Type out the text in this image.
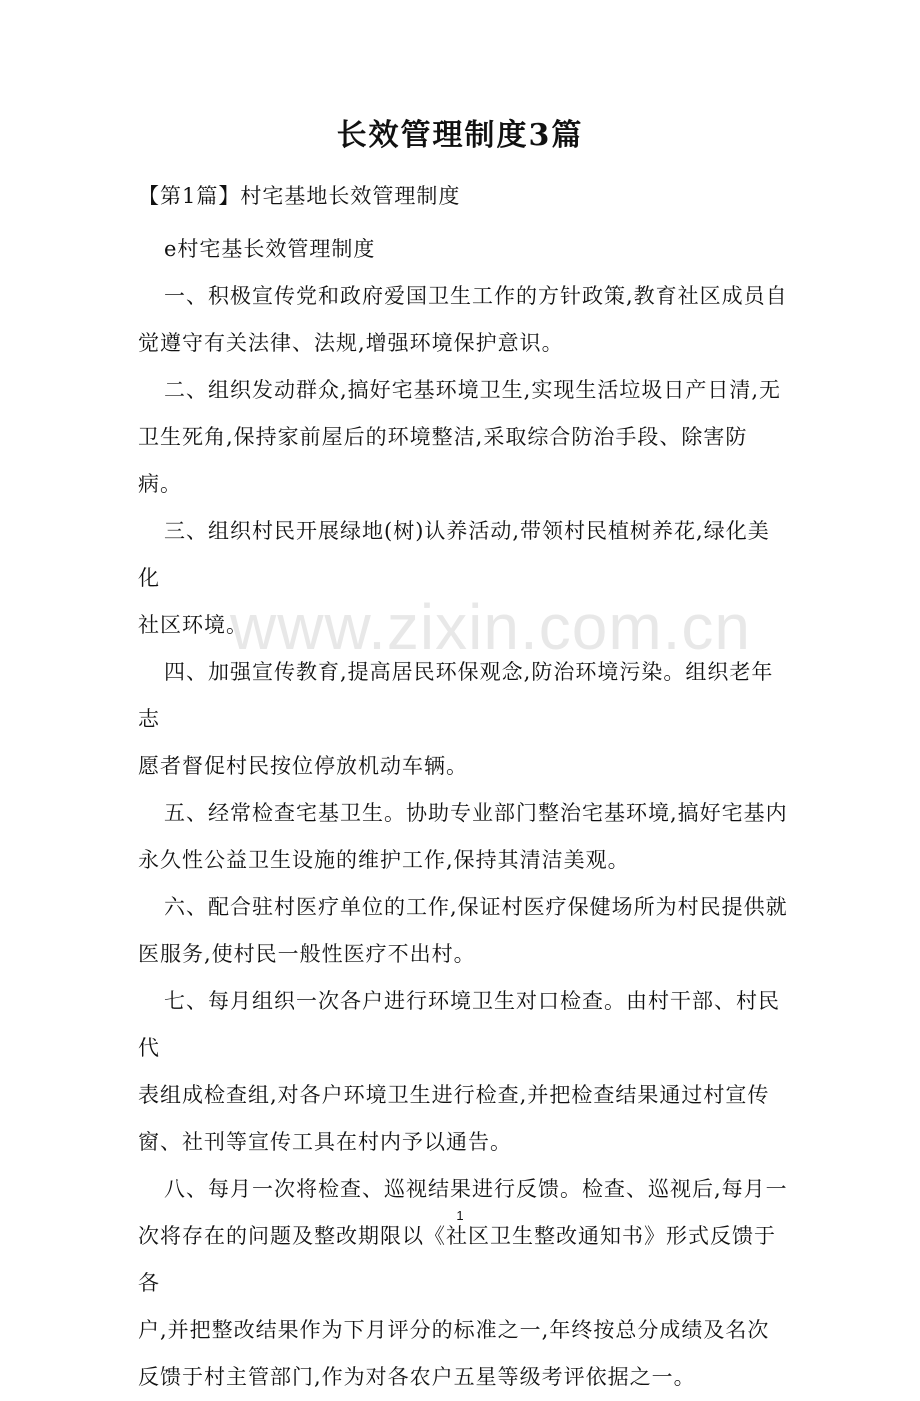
长效管理制度3篇
【第1篇】村宅基地长效管理制度

e村宅基长效管理制度

一、积极宣传党和政府爱国卫生工作的方针政策,教育社区成员自

觉遵守有关法律、法规,增强环境保护意识。

二、组织发动群众,搞好宅基环境卫生,实现生活垃圾日产日清,无

卫生死角,保持家前屋后的环境整洁,采取综合防治手段、除害防病。

三、组织村民开展绿地(树)认养活动,带领村民植树养花,绿化美化

社区环境。

四、加强宣传教育,提高居民环保观念,防治环境污染。组织老年志

愿者督促村民按位停放机动车辆。

五、经常检查宅基卫生。协助专业部门整治宅基环境,搞好宅基内

永久性公益卫生设施的维护工作,保持其清洁美观。

六、配合驻村医疗单位的工作,保证村医疗保健场所为村民提供就

医服务,使村民一般性医疗不出村。

七、每月组织一次各户进行环境卫生对口检查。由村干部、村民代

表组成检查组,对各户环境卫生进行检查,并把检查结果通过村宣传

窗、社刊等宣传工具在村内予以通告。

八、每月一次将检查、巡视结果进行反馈。检查、巡视后,每月一

次将存在的问题及整改期限以《社区卫生整改通知书》形式反馈于各

户,并把整改结果作为下月评分的标准之一,年终按总分成绩及名次

反馈于村主管部门,作为对各农户五星等级考评依据之一。

www.zixin.com.cn
1
